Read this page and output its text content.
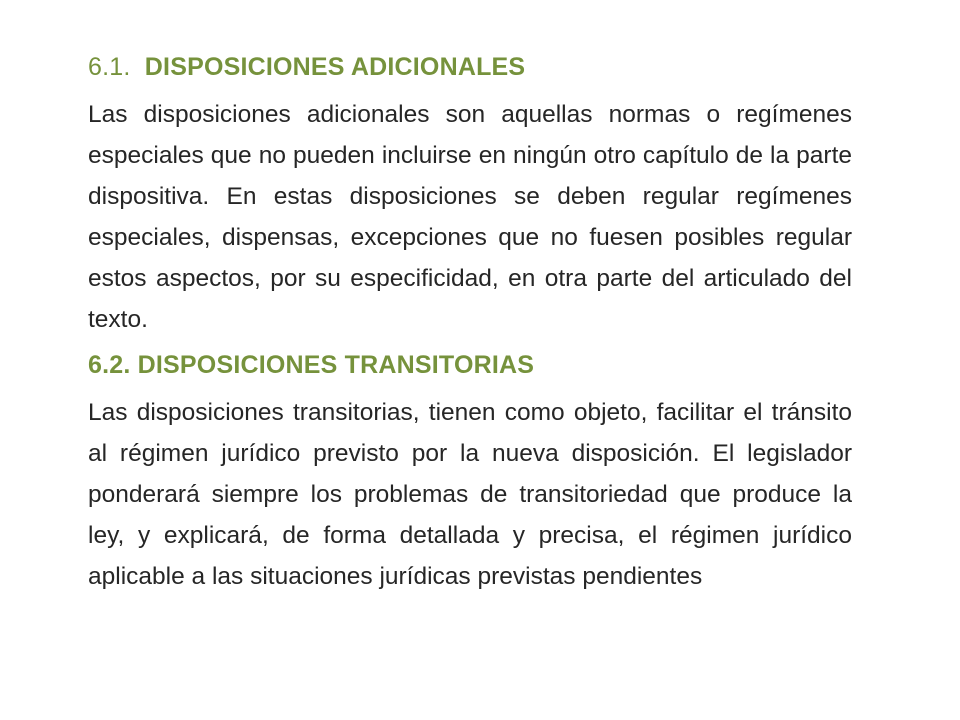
6.1. DISPOSICIONES ADICIONALES

Las disposiciones adicionales son aquellas normas o regímenes especiales que no pueden incluirse en ningún otro capítulo de la parte dispositiva. En estas disposiciones se deben regular regímenes especiales, dispensas, excepciones que no fuesen posibles regular estos aspectos, por su especificidad, en otra parte del articulado del texto.

6.2. DISPOSICIONES TRANSITORIAS

Las disposiciones transitorias, tienen como objeto, facilitar el tránsito al régimen jurídico previsto por la nueva disposición. El legislador ponderará siempre los problemas de transitoriedad que produce la ley, y explicará, de forma detallada y precisa, el régimen jurídico aplicable a las situaciones jurídicas previstas pendientes
